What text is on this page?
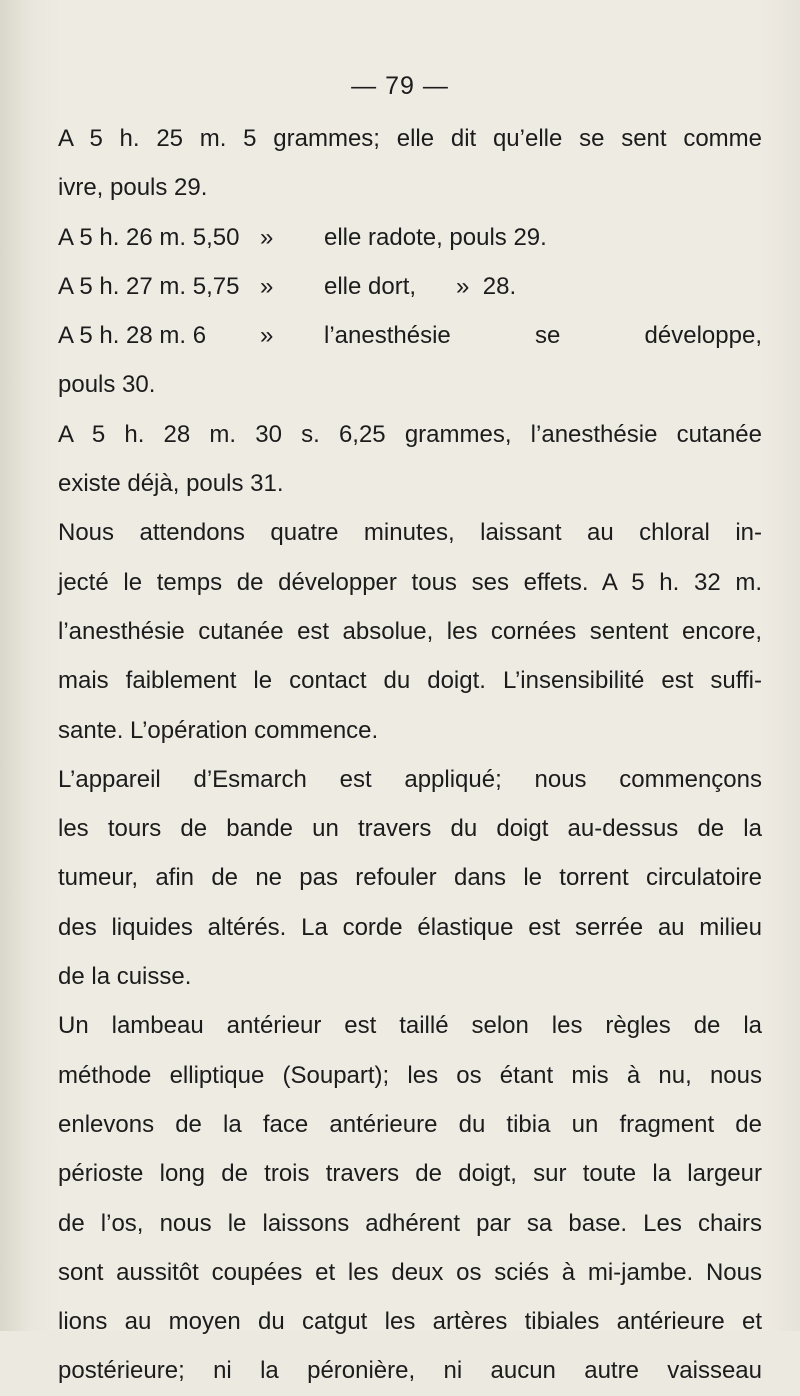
— 79 —
A 5 h. 25 m. 5 grammes; elle dit qu’elle se sent comme
ivre, pouls 29.
A 5 h. 26 m. 5,50 » elle radote, pouls 29.
A 5 h. 27 m. 5,75 » elle dort,      »  28.
A 5 h. 28 m. 6 » l’anesthésie se développe,
pouls 30.
A 5 h. 28 m. 30 s. 6,25 grammes, l’anesthésie cutanée
existe déjà, pouls 31.
Nous attendons quatre minutes, laissant au chloral in-
jecté le temps de développer tous ses effets. A 5 h. 32 m.
l’anesthésie cutanée est absolue, les cornées sentent encore,
mais faiblement le contact du doigt. L’insensibilité est suffi-
sante. L’opération commence.
L’appareil d’Esmarch est appliqué; nous commençons
les tours de bande un travers du doigt au-dessus de la
tumeur, afin de ne pas refouler dans le torrent circulatoire
des liquides altérés. La corde élastique est serrée au milieu
de la cuisse.
Un lambeau antérieur est taillé selon les règles de la
méthode elliptique (Soupart); les os étant mis à nu, nous
enlevons de la face antérieure du tibia un fragment de
périoste long de trois travers de doigt, sur toute la largeur
de l’os, nous le laissons adhérent par sa base. Les chairs
sont aussitôt coupées et les deux os sciés à mi-jambe. Nous
lions au moyen du catgut les artères tibiales antérieure et
postérieure; ni la péronière, ni aucun autre vaisseau
